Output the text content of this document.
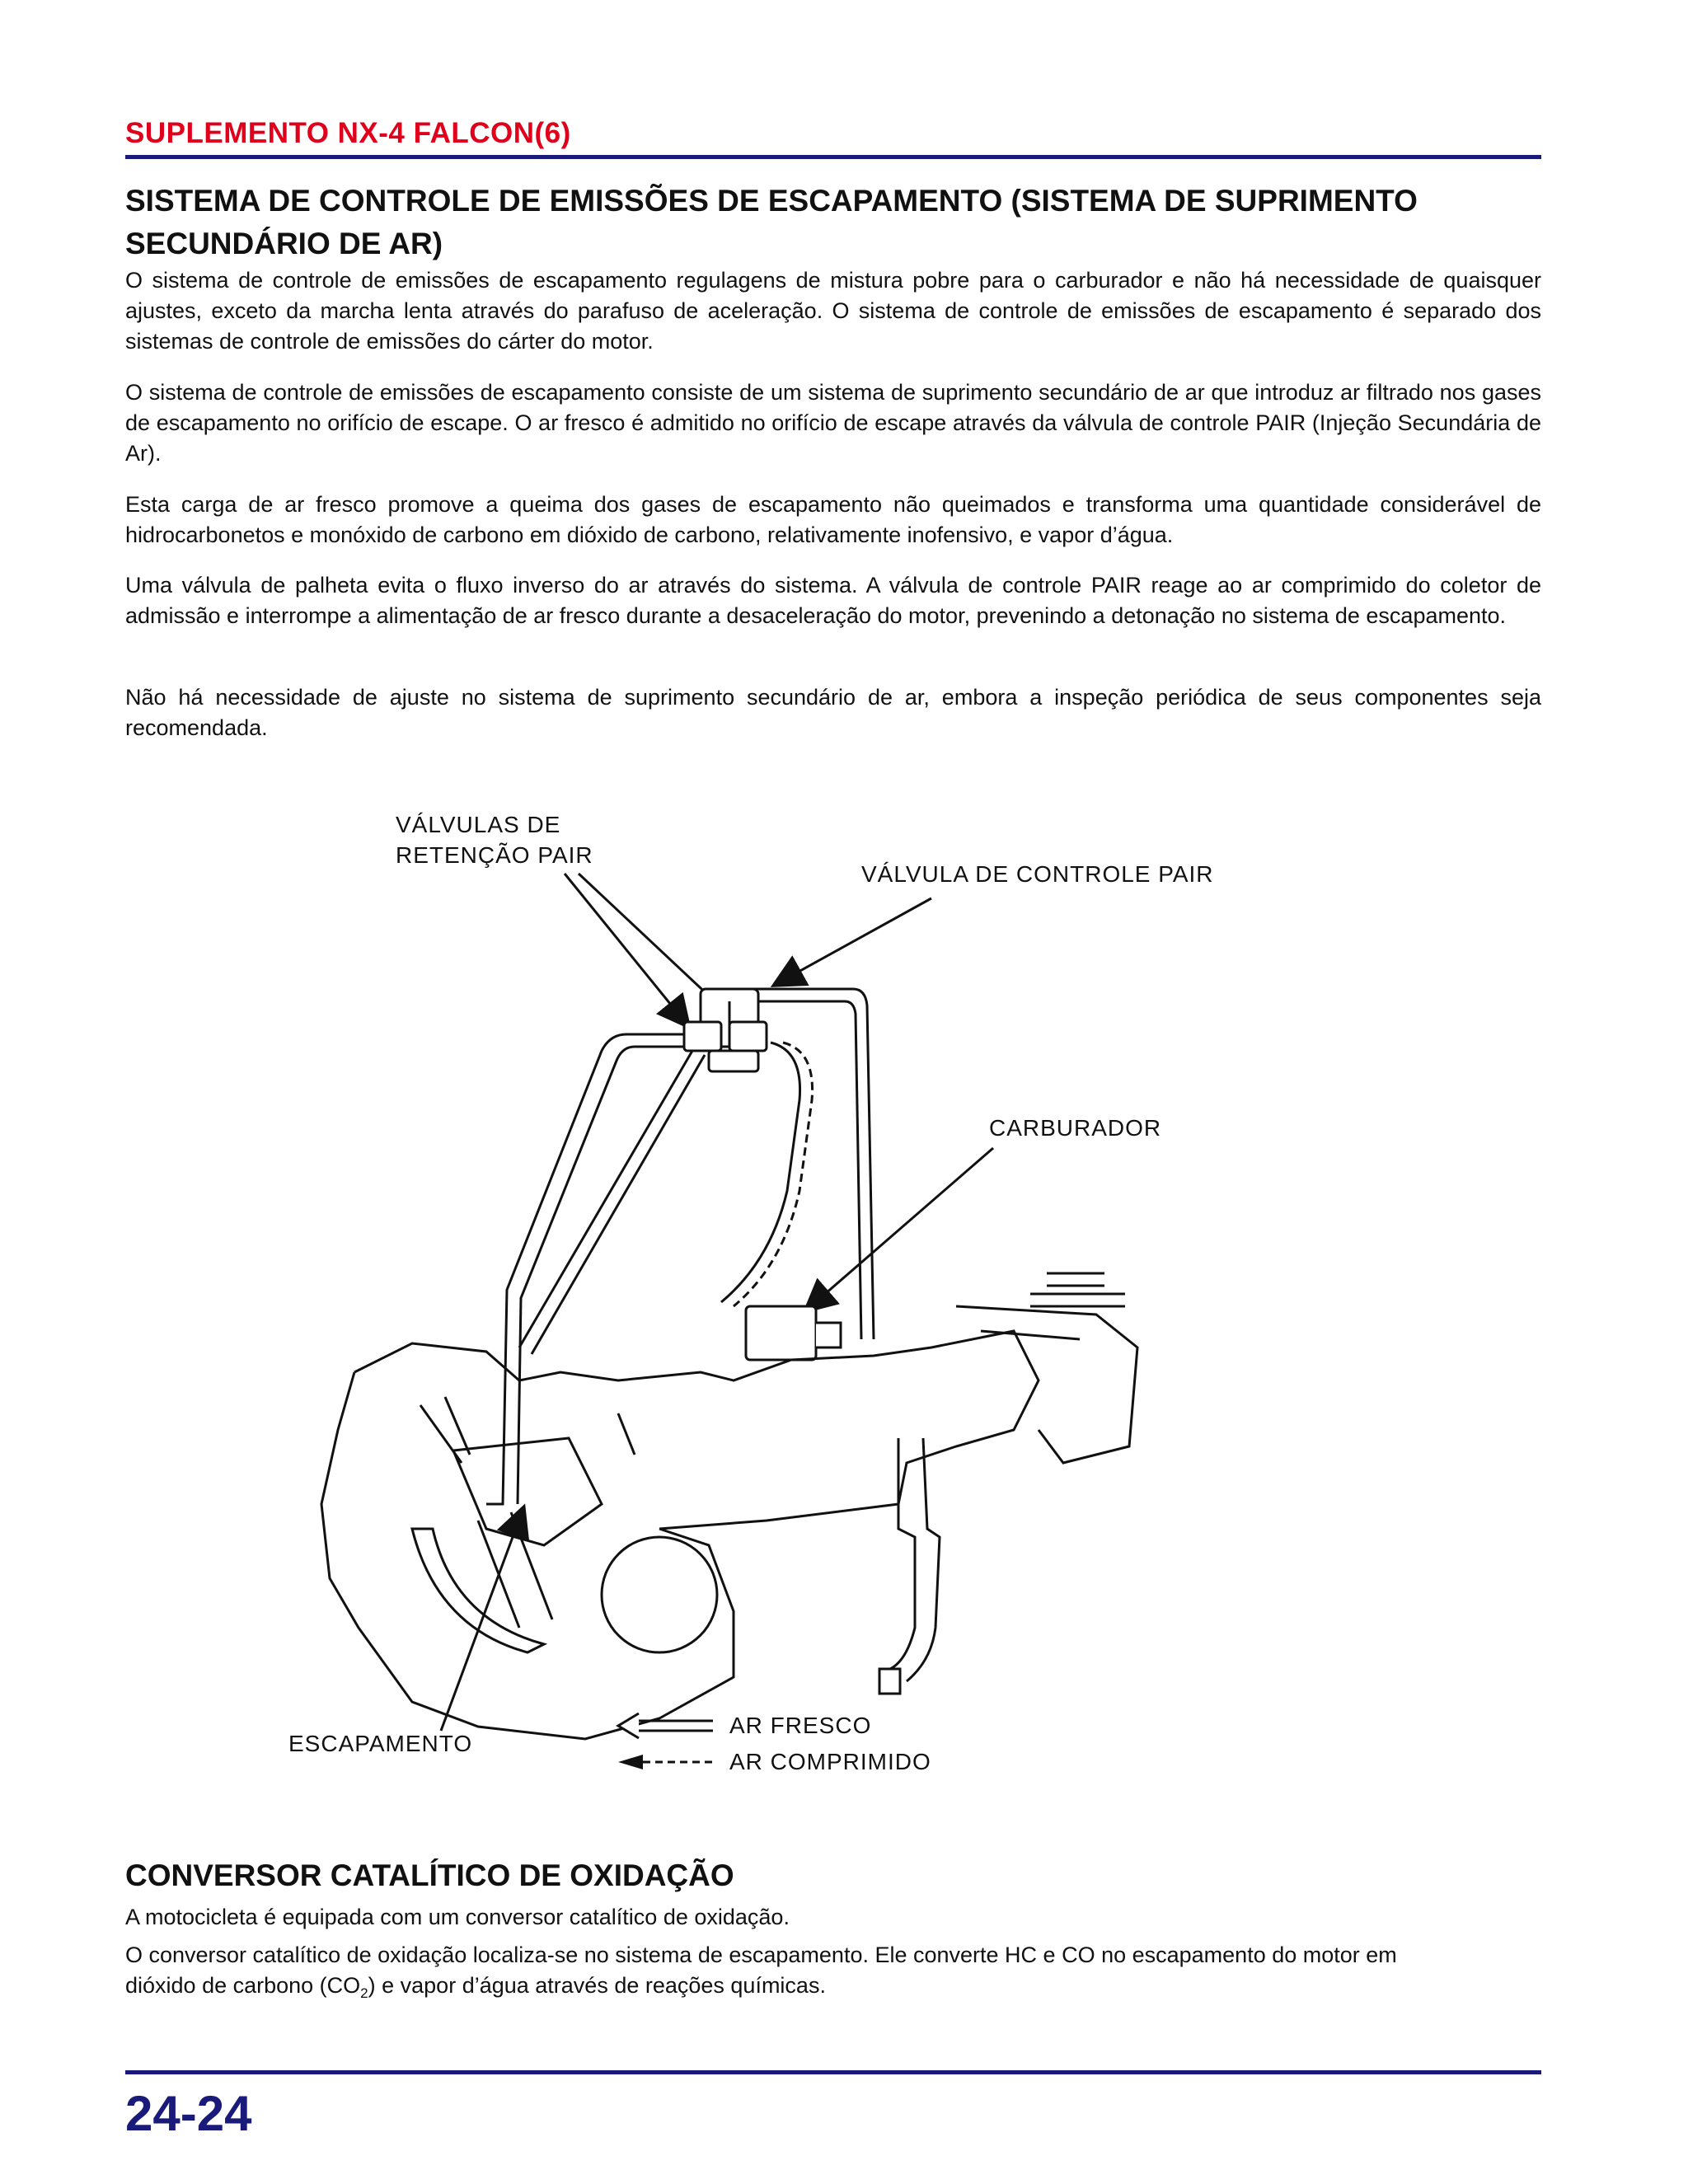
SUPLEMENTO NX-4 FALCON(6)
SISTEMA DE CONTROLE DE EMISSÕES DE ESCAPAMENTO (SISTEMA DE SUPRIMENTO SECUNDÁRIO DE AR)

O sistema de controle de emissões de escapamento regulagens de mistura pobre para o carburador e não há necessidade de quaisquer ajustes, exceto da marcha lenta através do parafuso de aceleração. O sistema de controle de emissões de escapamento é separado dos sistemas de controle de emissões do cárter do motor.

O sistema de controle de emissões de escapamento consiste de um sistema de suprimento secundário de ar que introduz ar filtrado nos gases de escapamento no orifício de escape. O ar fresco é admitido no orifício de escape através da válvula de controle PAIR (Injeção Secundária de Ar).

Esta carga de ar fresco promove a queima dos gases de escapamento não queimados e transforma uma quantidade considerável de hidrocarbonetos e monóxido de carbono em dióxido de carbono, relativamente inofensivo, e vapor d’água.

Uma válvula de palheta evita o fluxo inverso do ar através do sistema. A válvula de controle PAIR reage ao ar comprimido do coletor de admissão e interrompe a alimentação de ar fresco durante a desaceleração do motor, prevenindo a detonação no sistema de escapamento.

Não há necessidade de ajuste no sistema de suprimento secundário de ar, embora a inspeção periódica de seus componentes seja recomendada.

VÁLVULAS DE
RETENÇÃO PAIR
VÁLVULA DE CONTROLE PAIR
CARBURADOR
ESCAPAMENTO
AR FRESCO
AR COMPRIMIDO
CONVERSOR CATALÍTICO DE OXIDAÇÃO

A motocicleta é equipada com um conversor catalítico de oxidação.

O conversor catalítico de oxidação localiza-se no sistema de escapamento. Ele converte HC e CO no escapamento do motor em
dióxido de carbono $(CO_2)$ e vapor d’água através de reações químicas.

24-24
